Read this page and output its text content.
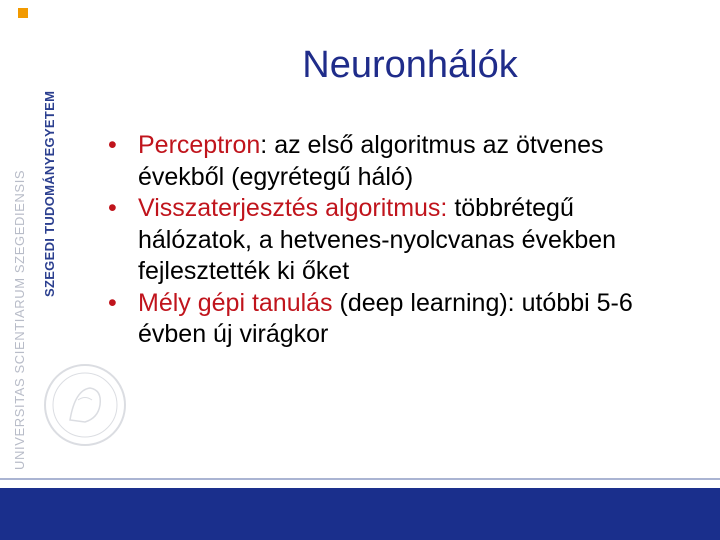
SZEGEDI TUDOMÁNYEGYETEM
UNIVERSITAS SCIENTIARUM SZEGEDIENSIS
Neuronhálók
• Perceptron: az első algoritmus az ötvenes évekből (egyrétegű háló)
• Visszaterjesztés algoritmus: többrétegű hálózatok, a hetvenes-nyolcvanas években fejlesztették ki őket
• Mély gépi tanulás (deep learning): utóbbi 5-6 évben új virágkor
